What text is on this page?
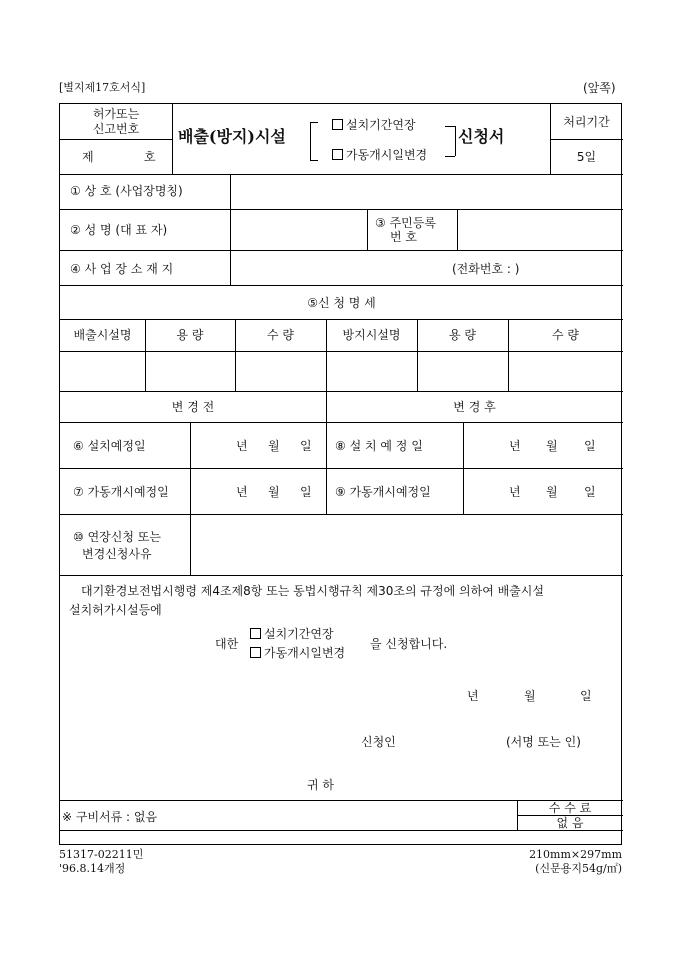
[별지제17호서식]	(앞쪽)
허가또는
신고번호
제	호
배출(방지)시설
설치기간연장
가동개시일변경
신청서
처리기간
5일
① 상 호 (사업장명칭)
② 성 명 (대 표 자)	③ 주민등록
번 호
④ 사 업 장 소 재 지	(전화번호 : )
⑤신 청 명 세
배출시설명	용 량	수 량	방지시설명	용 량	수 량
변 경 전	변 경 후
⑥ 설치예정일	년 월 일 ⑧ 설 치 예 정 일	년 월 일
⑦ 가동개시예정일	년 월 일 ⑨ 가동개시예정일	년 월 일
⑩ 연장신청 또는
변경신청사유
대기환경보전법시행령 제4조제8항 또는 동법시행규칙 제30조의 규정에 의하여 배출시설
설치허가시설등에
대한
설치기간연장
가동개시일변경
을 신청합니다.
년	월	일
신청인	(서명 또는 인)
귀 하
※ 구비서류 : 없음
수 수 료
없 음
51317-02211민
'96.8.14개정
210mm×297mm
(신문용지54g/㎡)
